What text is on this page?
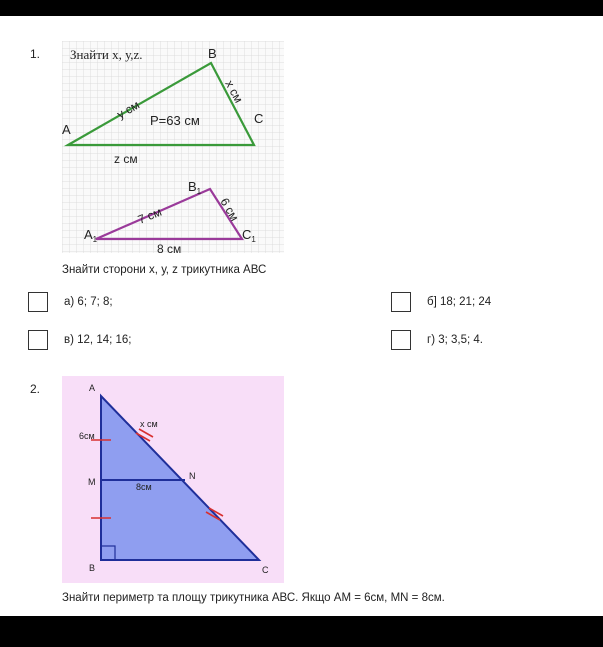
1. Знайти х, у,z.
A
B
C
у см
х см
z см
Р=63 см
$A_1$
$B_1$
$C_1$
7 см	6 см
8 см
Знайти сторони х, у, z трикутника АВС
а) 6; 7; 8;	б] 18; 21; 24
в) 12, 14; 16;	г) 3; 3,5; 4.
2.	A
B	C
M
N
6см
х см
8см
Знайти периметр та площу трикутника АВС. Якщо АМ = 6см, МN = 8см.
